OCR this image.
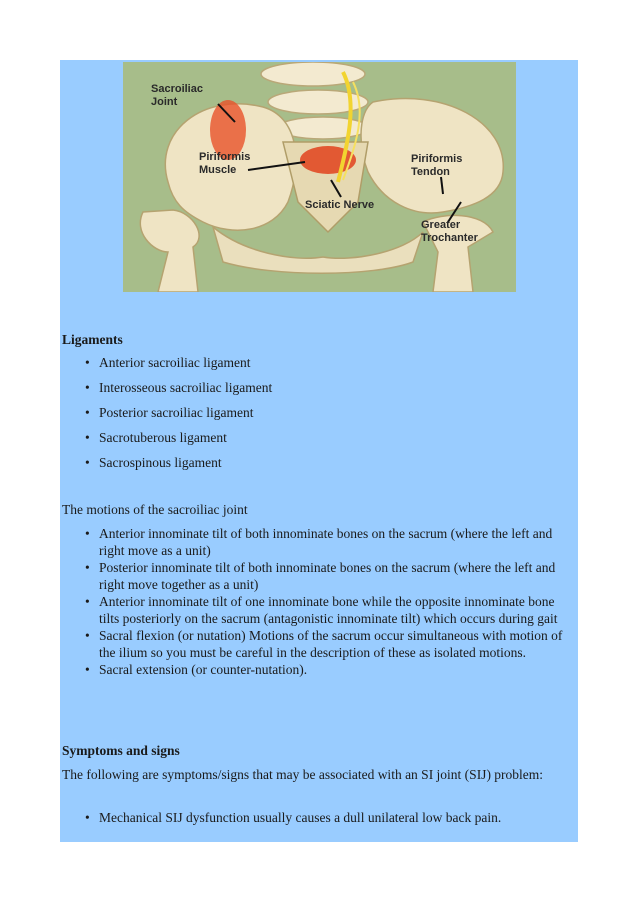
Sacroiliac
Joint
Piriformis
Muscle
Piriformis
Tendon
Sciatic Nerve
Greater
Trochanter
Ligaments
• Anterior sacroiliac ligament
• Interosseous sacroiliac ligament
• Posterior sacroiliac ligament
• Sacrotuberous ligament
• Sacrospinous ligament
The motions of the sacroiliac joint
• Anterior innominate tilt of both innominate bones on the sacrum (where the left and right move as a unit)
• Posterior innominate tilt of both innominate bones on the sacrum (where the left and right move together as a unit)
• Anterior innominate tilt of one innominate bone while the opposite innominate bone tilts posteriorly on the sacrum (antagonistic innominate tilt) which occurs during gait
• Sacral flexion (or nutation) Motions of the sacrum occur simultaneous with motion of the ilium so you must be careful in the description of these as isolated motions.
• Sacral extension (or counter-nutation).
Symptoms and signs
The following are symptoms/signs that may be associated with an SI joint (SIJ) problem:
• Mechanical SIJ dysfunction usually causes a dull unilateral low back pain.
